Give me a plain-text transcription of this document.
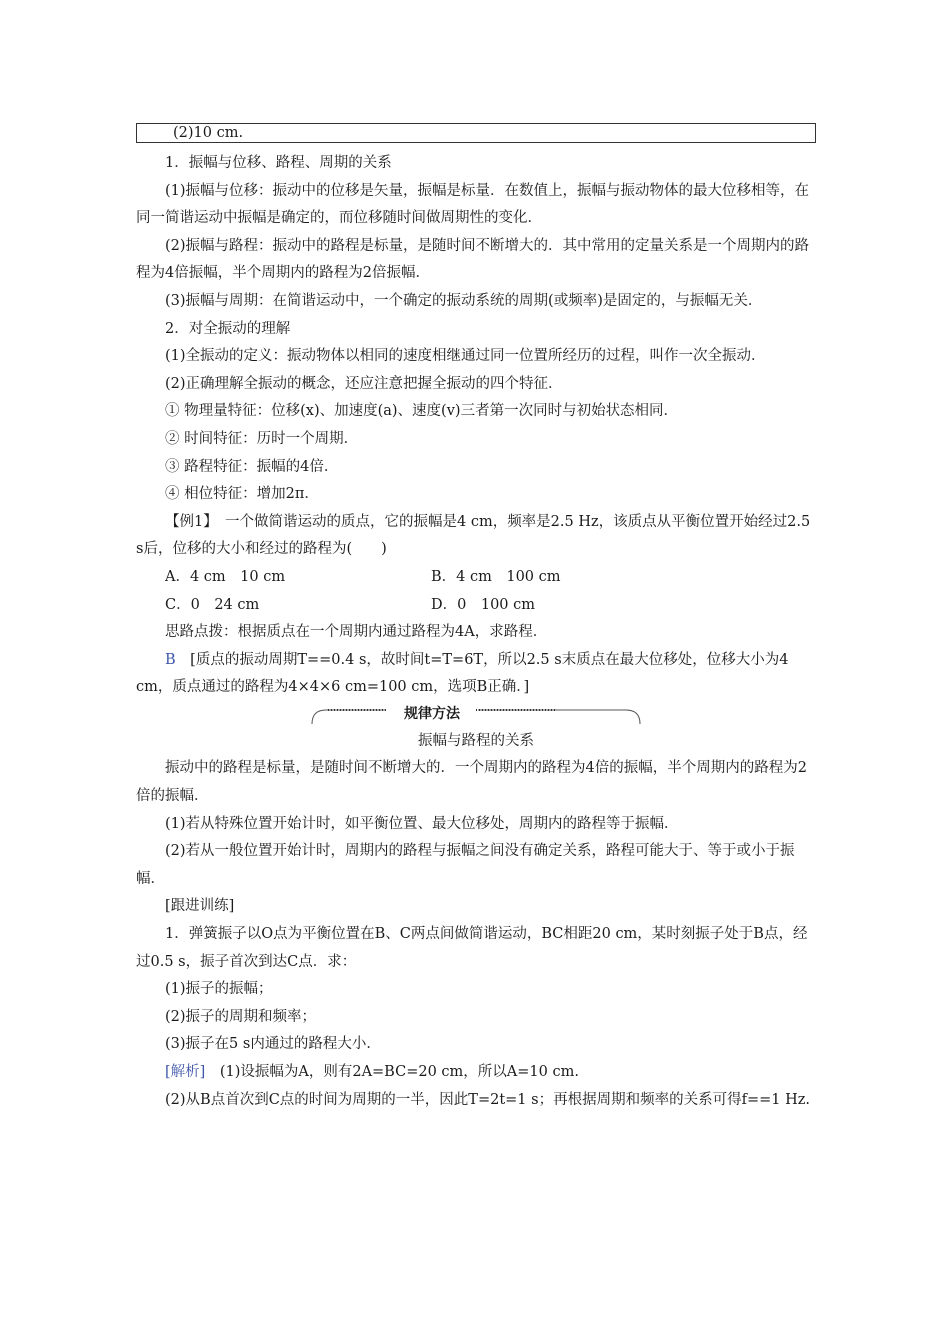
(2)10 cm.

1．振幅与位移、路程、周期的关系

(1)振幅与位移：振动中的位移是矢量，振幅是标量．在数值上，振幅与振动物体的最大位移相等，在同一简谐运动中振幅是确定的，而位移随时间做周期性的变化．

(2)振幅与路程：振动中的路程是标量，是随时间不断增大的．其中常用的定量关系是一个周期内的路程为4倍振幅，半个周期内的路程为2倍振幅．

(3)振幅与周期：在简谐运动中，一个确定的振动系统的周期(或频率)是固定的，与振幅无关．

2．对全振动的理解

(1)全振动的定义：振动物体以相同的速度相继通过同一位置所经历的过程，叫作一次全振动．

(2)正确理解全振动的概念，还应注意把握全振动的四个特征．

① 物理量特征：位移(x)、加速度(a)、速度(v)三者第一次同时与初始状态相同．

② 时间特征：历时一个周期．

③ 路程特征：振幅的4倍．

④ 相位特征：增加2π．

【例1】　一个做简谐运动的质点，它的振幅是4 cm，频率是2.5 Hz，该质点从平衡位置开始经过2.5 s后，位移的大小和经过的路程为(　　)

A．4 cm　10 cm	B．4 cm　100 cm
C．0　24 cm	D．0　100 cm

思路点拨：根据质点在一个周期内通过路程为4A，求路程．

B　[质点的振动周期T==0.4 s，故时间t=T=6T，所以2.5 s末质点在最大位移处，位移大小为4 cm，质点通过的路程为4×4×6 cm=100 cm，选项B正确．]

规律方法

振幅与路程的关系

振动中的路程是标量，是随时间不断增大的．一个周期内的路程为4倍的振幅，半个周期内的路程为2倍的振幅．

(1)若从特殊位置开始计时，如平衡位置、最大位移处，周期内的路程等于振幅．

(2)若从一般位置开始计时，周期内的路程与振幅之间没有确定关系，路程可能大于、等于或小于振幅．

[跟进训练]

1．弹簧振子以O点为平衡位置在B、C两点间做简谐运动，BC相距20 cm，某时刻振子处于B点，经过0.5 s，振子首次到达C点．求：

(1)振子的振幅；

(2)振子的周期和频率；

(3)振子在5 s内通过的路程大小．

[解析]　(1)设振幅为A，则有2A=BC=20 cm，所以A=10 cm.

(2)从B点首次到C点的时间为周期的一半，因此T=2t=1 s；再根据周期和频率的关系可得f==1 Hz.
